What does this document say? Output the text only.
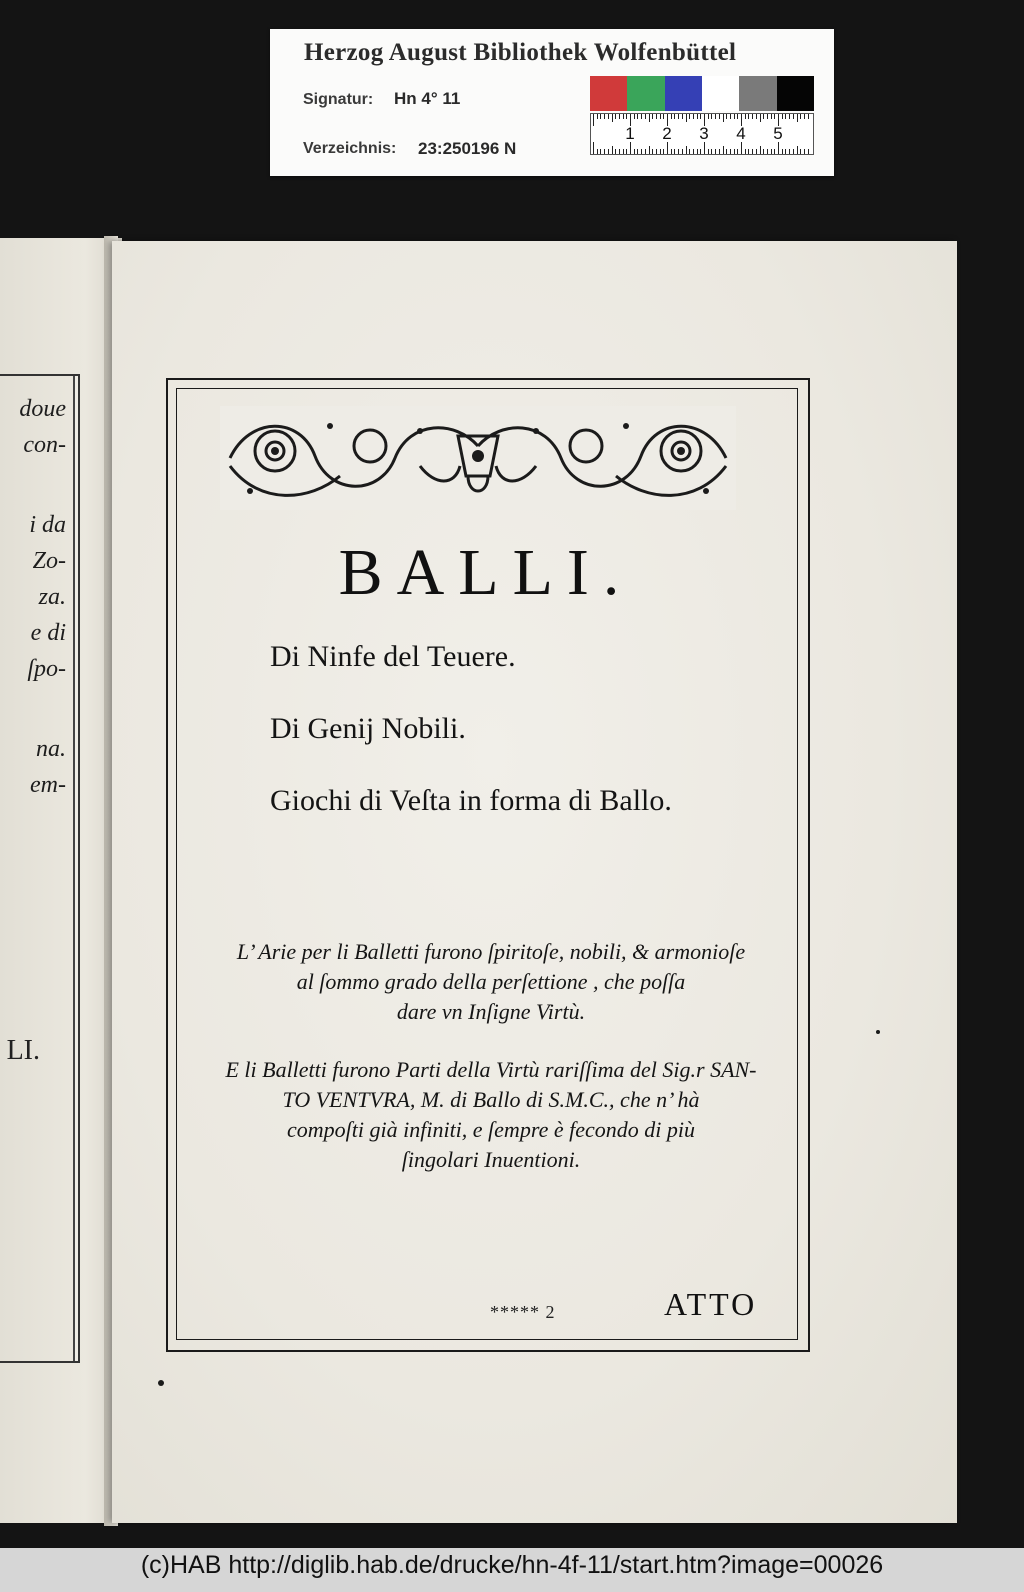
doue
con-
i da
Zo-
za.
e di
ſpo-
na.
em-
LI.
BALLI.
Di Ninfe del Teuere.
Di Genij Nobili.
Giochi di Veſta in forma di Ballo.
L’ Arie per li Balletti furono ſpiritoſe, nobili, & armonioſe
al ſommo grado della perſettione , che poſſa
dare vn Inſigne Virtù.
E li Balletti furono Parti della Virtù rariſſima del Sig.r SAN-
TO VENTVRA, M. di Ballo di S.M.C., che n’ hà
compoſti già infiniti, e ſempre è fecondo di più
ſingolari Inuentioni.
***** 2	ATTO
Herzog August Bibliothek Wolfenbüttel
Signatur: Hn 4° 11
Verzeichnis: 23:250196 N
1 2 3 4 5
(c)HAB http://diglib.hab.de/drucke/hn-4f-11/start.htm?image=00026
